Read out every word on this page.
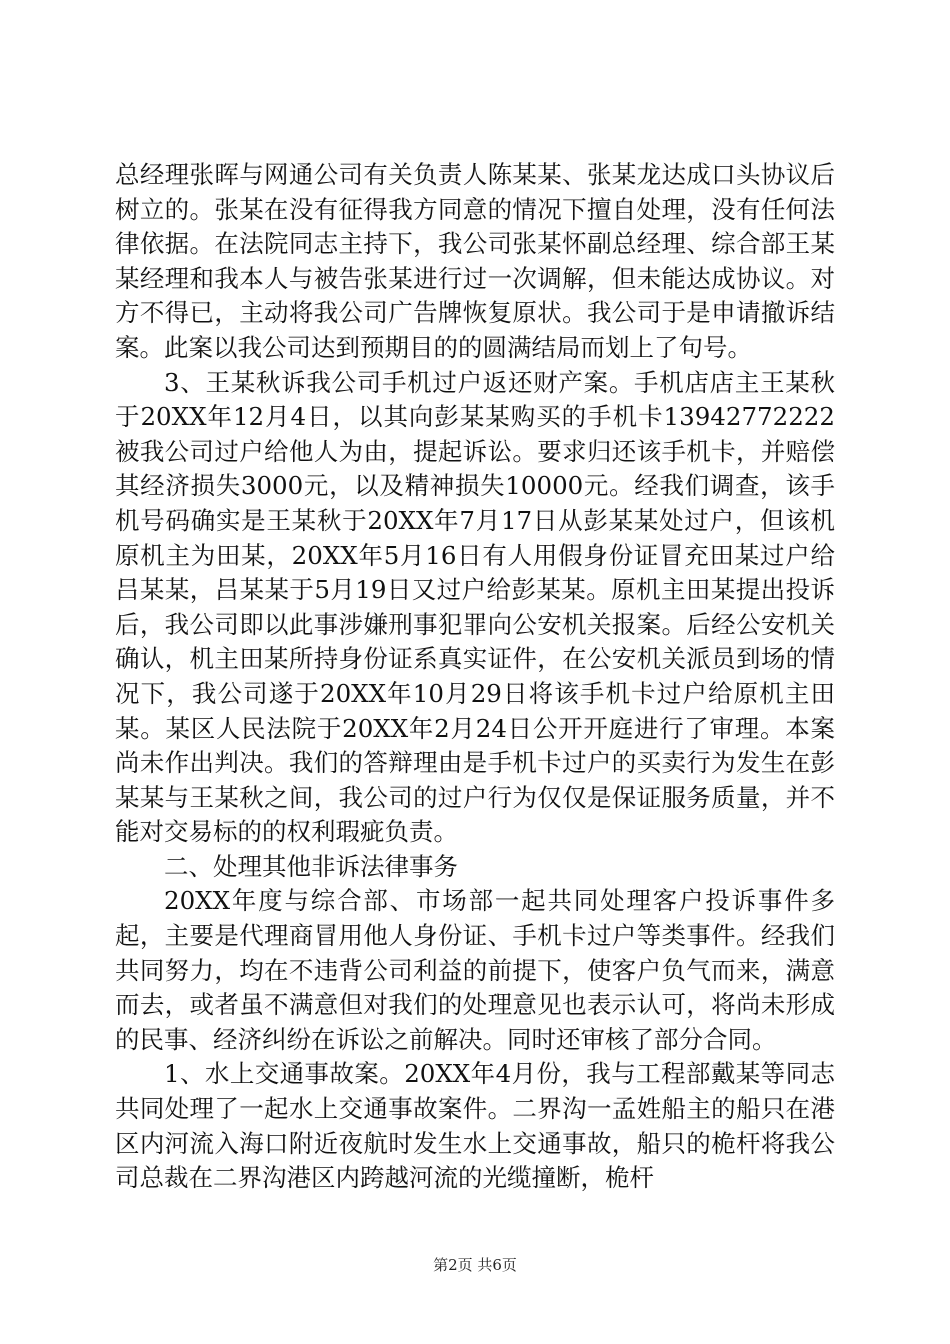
总经理张晖与网通公司有关负责人陈某某、张某龙达成口头协议后树立的。张某在没有征得我方同意的情况下擅自处理，没有任何法律依据。在法院同志主持下，我公司张某怀副总经理、综合部王某某经理和我本人与被告张某进行过一次调解，但未能达成协议。对方不得已，主动将我公司广告牌恢复原状。我公司于是申请撤诉结案。此案以我公司达到预期目的的圆满结局而划上了句号。

3、王某秋诉我公司手机过户返还财产案。手机店店主王某秋于20XX年12月4日，以其向彭某某购买的手机卡13942772222被我公司过户给他人为由，提起诉讼。要求归还该手机卡，并赔偿其经济损失3000元，以及精神损失10000元。经我们调查，该手机号码确实是王某秋于20XX年7月17日从彭某某处过户，但该机原机主为田某，20XX年5月16日有人用假身份证冒充田某过户给吕某某，吕某某于5月19日又过户给彭某某。原机主田某提出投诉后，我公司即以此事涉嫌刑事犯罪向公安机关报案。后经公安机关确认，机主田某所持身份证系真实证件，在公安机关派员到场的情况下，我公司遂于20XX年10月29日将该手机卡过户给原机主田某。某区人民法院于20XX年2月24日公开开庭进行了审理。本案尚未作出判决。我们的答辩理由是手机卡过户的买卖行为发生在彭某某与王某秋之间，我公司的过户行为仅仅是保证服务质量，并不能对交易标的的权利瑕疵负责。

二、处理其他非诉法律事务

20XX年度与综合部、市场部一起共同处理客户投诉事件多起，主要是代理商冒用他人身份证、手机卡过户等类事件。经我们共同努力，均在不违背公司利益的前提下，使客户负气而来，满意而去，或者虽不满意但对我们的处理意见也表示认可，将尚未形成的民事、经济纠纷在诉讼之前解决。同时还审核了部分合同。

1、水上交通事故案。20XX年4月份，我与工程部戴某等同志共同处理了一起水上交通事故案件。二界沟一孟姓船主的船只在港区内河流入海口附近夜航时发生水上交通事故，船只的桅杆将我公司总裁在二界沟港区内跨越河流的光缆撞断，桅杆

第2页 共6页
